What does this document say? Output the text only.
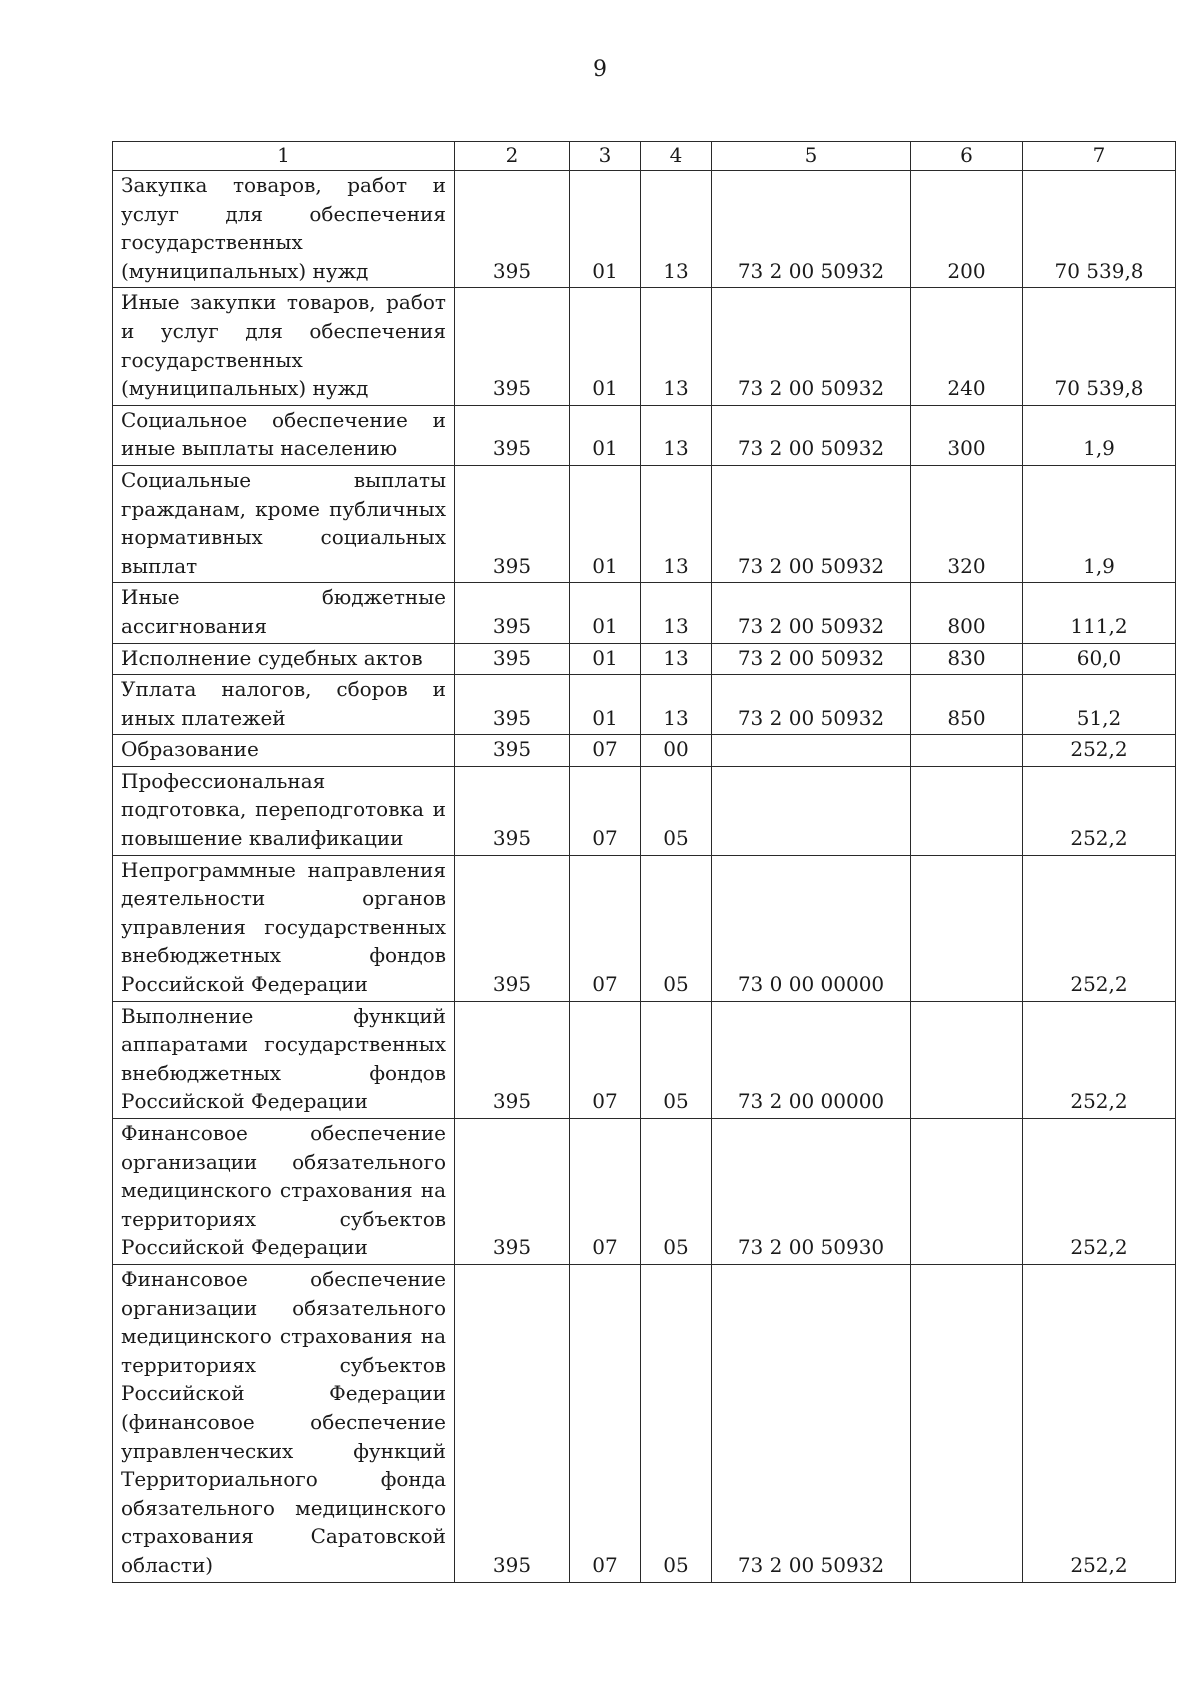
9
1	2	3	4	5	6	7
Закупка товаров, работ и услуг для обеспечения государственных (муниципальных) нужд	395	01	13	73 2 00 50932	200	70 539,8
Иные закупки товаров, работ и услуг для обеспечения государственных (муниципальных) нужд	395	01	13	73 2 00 50932	240	70 539,8
Социальное обеспечение и иные выплаты населению	395	01	13	73 2 00 50932	300	1,9
Социальные выплаты гражданам, кроме публичных нормативных социальных выплат	395	01	13	73 2 00 50932	320	1,9
Иные бюджетные ассигнования	395	01	13	73 2 00 50932	800	111,2
Исполнение судебных актов	395	01	13	73 2 00 50932	830	60,0
Уплата налогов, сборов и иных платежей	395	01	13	73 2 00 50932	850	51,2
Образование	395	07	00			252,2
Профессиональная подготовка, переподготовка и повышение квалификации	395	07	05			252,2
Непрограммные направления деятельности органов управления государственных внебюджетных фондов Российской Федерации	395	07	05	73 0 00 00000		252,2
Выполнение функций аппаратами государственных внебюджетных фондов Российской Федерации	395	07	05	73 2 00 00000		252,2
Финансовое обеспечение организации обязательного медицинского страхования на территориях субъектов Российской Федерации	395	07	05	73 2 00 50930		252,2
Финансовое обеспечение организации обязательного медицинского страхования на территориях субъектов Российской Федерации (финансовое обеспечение управленческих функций Территориального фонда обязательного медицинского страхования Саратовской области)	395	07	05	73 2 00 50932		252,2
